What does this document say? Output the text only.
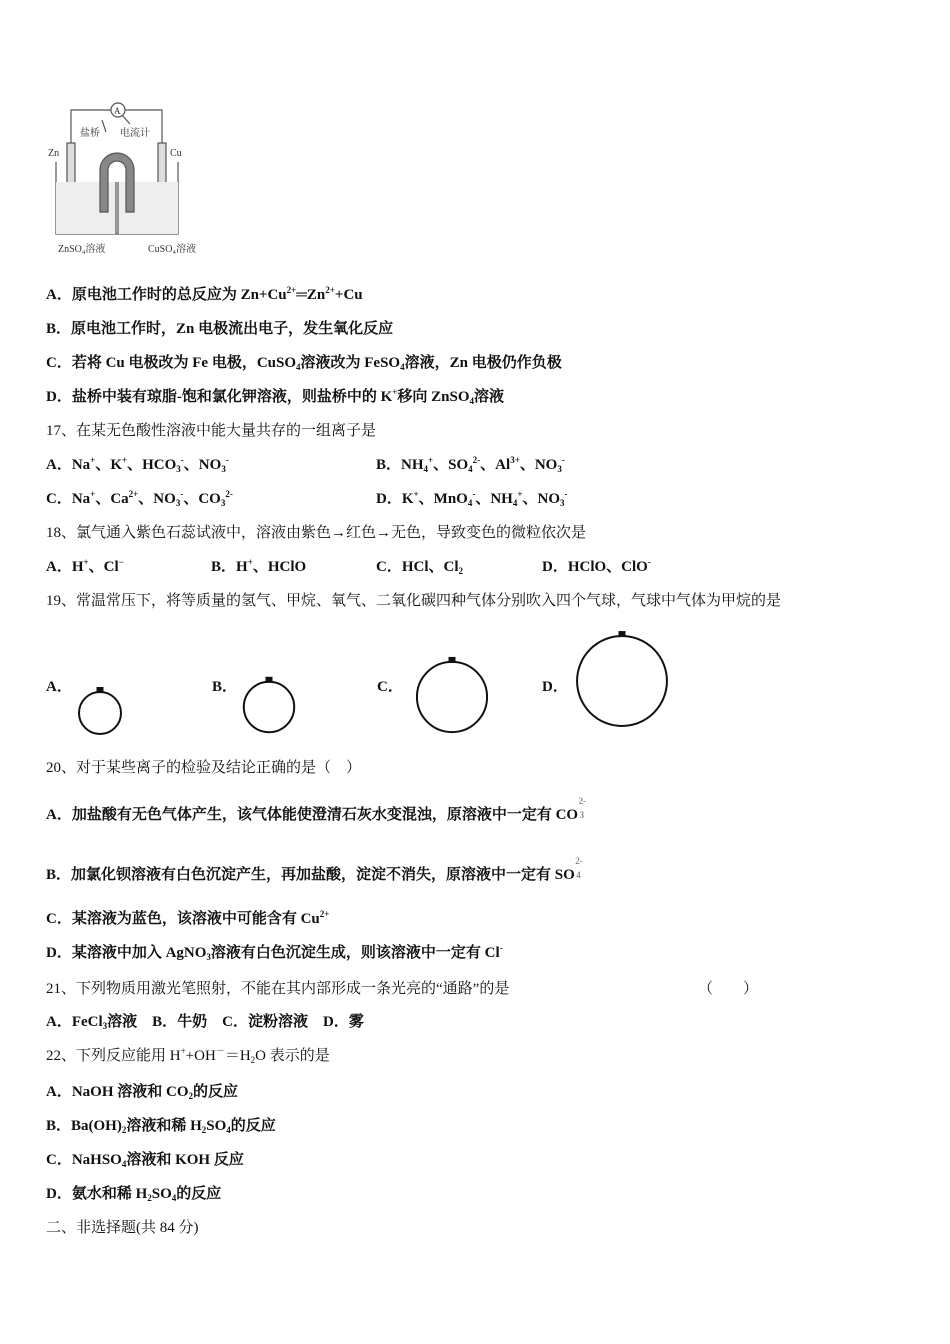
盐桥
A
电流计
Zn	Cu
ZnSO₄溶液	CuSO₄溶液
A．原电池工作时的总反应为 $Zn+Cu^{2+}═Zn^{2+}+Cu$
B．原电池工作时，Zn 电极流出电子，发生氧化反应
C．若将 Cu 电极改为 Fe 电极，CuSO$_4$溶液改为 FeSO$_4$溶液，Zn 电极仍作负极
D．盐桥中装有琼脂-饱和氯化钾溶液，则盐桥中的 K+移向 ZnSO$_4$溶液
17、在某无色酸性溶液中能大量共存的一组离子是
A．Na+、K+、$HCO_3^-$、$NO_3^-$	B．$NH_4^+$、$SO_4^{2-}$、$Al^{3+}$、$NO_3^-$
C．Na+、$Ca^{2+}$、$NO_3^-$、$CO_3^{2-}$	D．K+、MnO$_4$-、$NH_4^+$、$NO_3^-$
18、氯气通入紫色石蕊试液中，溶液由紫色→红色→无色，导致变色的微粒依次是
A．H+、Cl−	B．H+、HClO	C．HCl、$Cl_2$	D．HClO、ClO-
19、常温常压下，将等质量的氢气、甲烷、氧气、二氧化碳四种气体分别吹入四个气球，气球中气体为甲烷的是
20、对于某些离子的检验及结论正确的是（　）
A．加盐酸有无色气体产生，该气体能使澄清石灰水变混浊，原溶液中一定有 CO
2-
3
B．加氯化钡溶液有白色沉淀产生，再加盐酸，淀淀不消失，原溶液中一定有 SO
2-
4
C．某溶液为蓝色，该溶液中可能含有 $Cu^{2+}$
D．某溶液中加入 AgNO$_3$溶液有白色沉淀生成，则该溶液中一定有 Cl-
21、下列物质用激光笔照射，不能在其内部形成一条光亮的“通路”的是	（　　）
A．FeCl$_3$溶液　B．牛奶　C．淀粉溶液　D．雾
22、下列反应能用 $H^++OH^-=H_2O$ 表示的是
A．NaOH 溶液和 $CO_2$的反应
B．$Ba(OH)_2$溶液和稀 $H_2SO_4$的反应
C．NaHSO$_4$溶液和 KOH 反应
D．氨水和稀 $H_2SO_4$的反应
二、非选择题(共 84 分)
A．	B．	C．	D．
